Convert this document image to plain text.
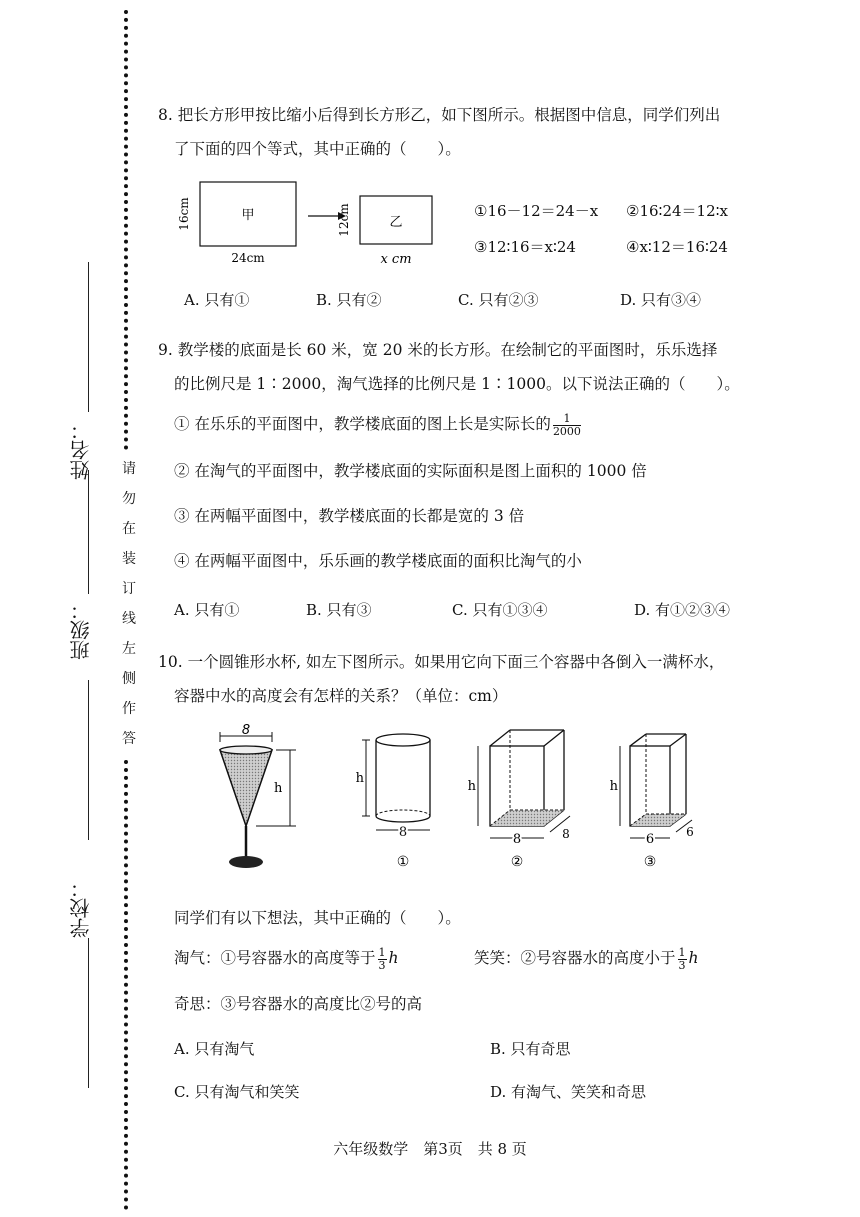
姓名：
班级：
学校：
请
勿
在
装
订
线
左
侧
作
答
8. 把长方形甲按比缩小后得到长方形乙，如下图所示。根据图中信息，同学们列出
了下面的四个等式，其中正确的（　　）。
甲
16cm
24cm
乙
12cm
x cm
①16－12＝24－x ②16∶24＝12∶x
③12∶16＝x∶24	④x∶12＝16∶24
A. 只有①	B. 只有②	C. 只有②③	D. 只有③④
9. 教学楼的底面是长 60 米，宽 20 米的长方形。在绘制它的平面图时，乐乐选择
的比例尺是 1∶2000，淘气选择的比例尺是 1∶1000。以下说法正确的（　　）。
① 在乐乐的平面图中，教学楼底面的图上长是实际长的 $\frac{1}{2000}$
② 在淘气的平面图中，教学楼底面的实际面积是图上面积的 1000 倍
③ 在两幅平面图中，教学楼底面的长都是宽的 3 倍
④ 在两幅平面图中，乐乐画的教学楼底面的面积比淘气的小
A. 只有①	B. 只有③	C. 只有①③④	D. 有①②③④
10. 一个圆锥形水杯, 如左下图所示。如果用它向下面三个容器中各倒入一满杯水，
容器中水的高度会有怎样的关系？（单位：cm）
8
h
h
8
①
h
8	8
②
h
6	6
③
同学们有以下想法，其中正确的（　　）。
淘气：①号容器水的高度等于 $\frac{1}{3}$ h	笑笑：②号容器水的高度小于 $\frac{1}{3}$ h
奇思：③号容器水的高度比②号的高
A. 只有淘气	B. 只有奇思
C. 只有淘气和笑笑	D. 有淘气、笑笑和奇思
六年级数学　第3页　共 8 页
